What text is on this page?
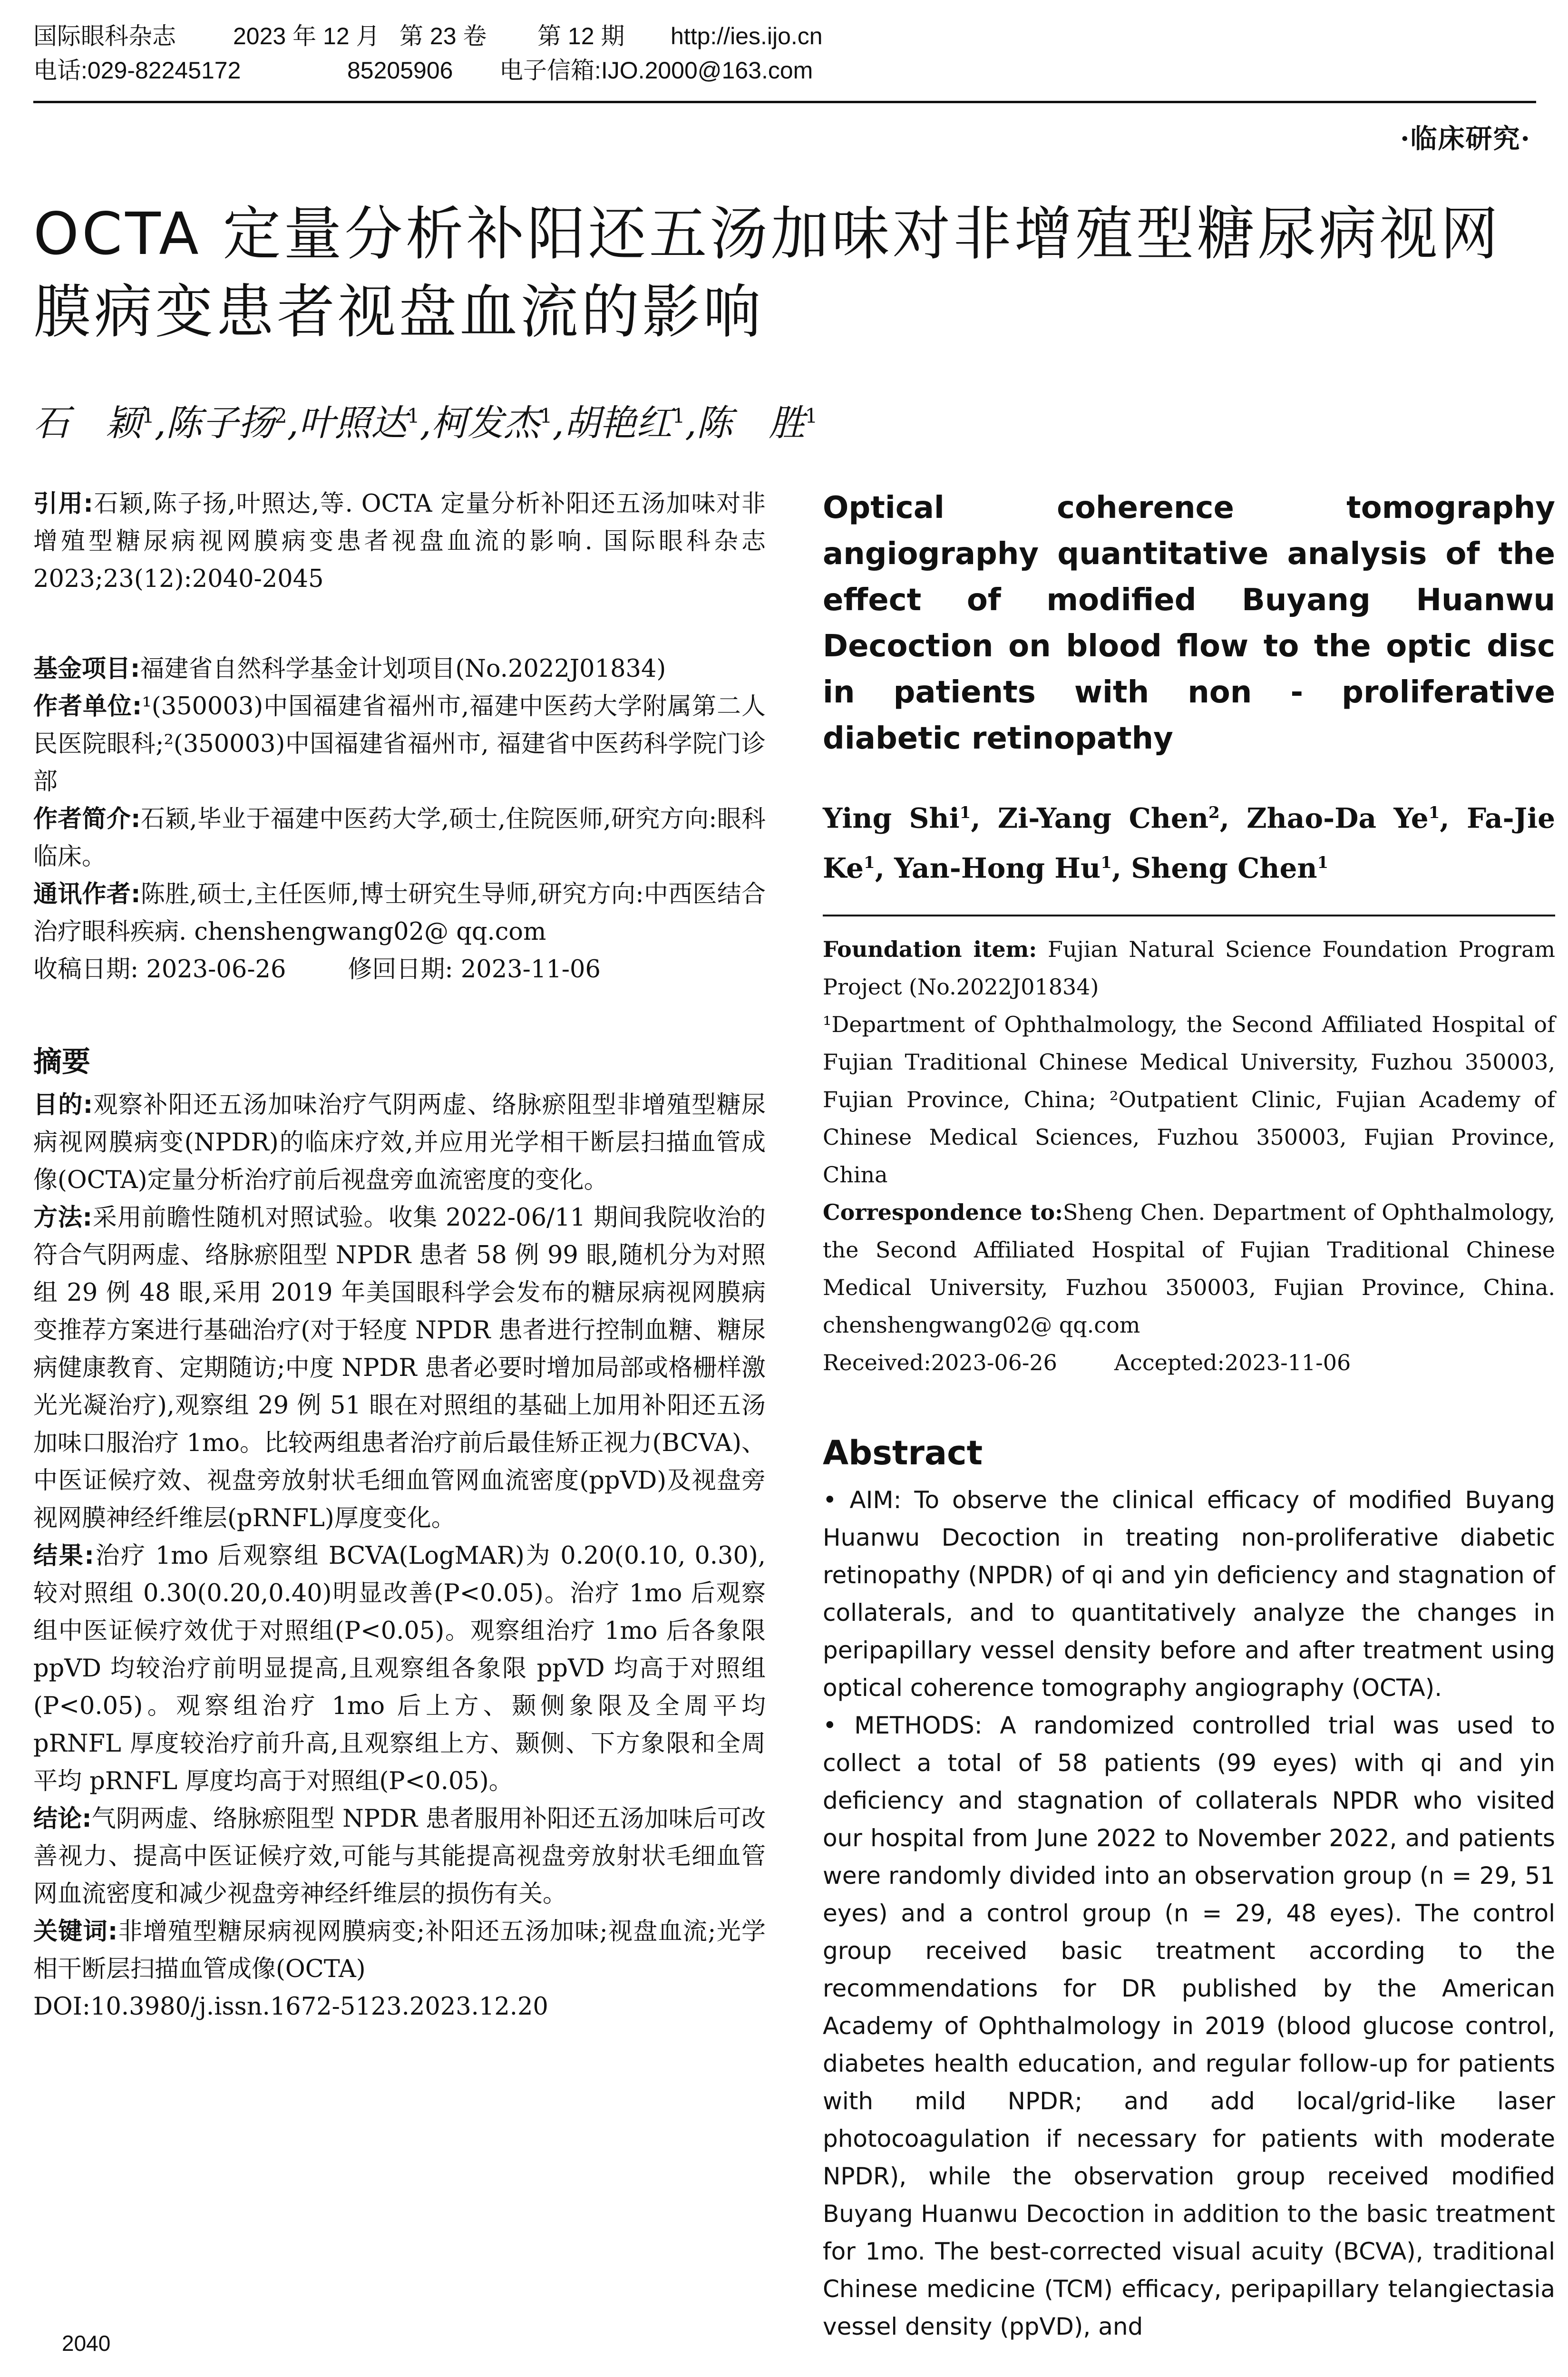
国际眼科杂志 2023 年 12 月 第 23 卷 第 12 期 http://ies.ijo.cn
电话:029-82245172	85205906 电子信箱:IJO.2000@163.com
·临床研究·
OCTA 定量分析补阳还五汤加味对非增殖型糖尿病视网膜病变患者视盘血流的影响
石　颖$^1$,陈子扬$^2$,叶照达$^1$,柯发杰$^1$,胡艳红$^1$,陈　胜$^1$
引用:石颖,陈子扬,叶照达,等. OCTA 定量分析补阳还五汤加味对非增殖型糖尿病视网膜病变患者视盘血流的影响. 国际眼科杂志 2023;23(12):2040-2045
基金项目:福建省自然科学基金计划项目(No.2022J01834)
作者单位:¹(350003)中国福建省福州市,福建中医药大学附属第二人民医院眼科;²(350003)中国福建省福州市, 福建省中医药科学院门诊部
作者简介:石颖,毕业于福建中医药大学,硕士,住院医师,研究方向:眼科临床。
通讯作者:陈胜,硕士,主任医师,博士研究生导师,研究方向:中西医结合治疗眼科疾病. chenshengwang02@ qq.com
收稿日期: 2023-06-26	修回日期: 2023-11-06
摘要
目的:观察补阳还五汤加味治疗气阴两虚、络脉瘀阻型非增殖型糖尿病视网膜病变(NPDR)的临床疗效,并应用光学相干断层扫描血管成像(OCTA)定量分析治疗前后视盘旁血流密度的变化。
方法:采用前瞻性随机对照试验。收集 2022-06/11 期间我院收治的符合气阴两虚、络脉瘀阻型 NPDR 患者 58 例 99 眼,随机分为对照组 29 例 48 眼,采用 2019 年美国眼科学会发布的糖尿病视网膜病变推荐方案进行基础治疗(对于轻度 NPDR 患者进行控制血糖、糖尿病健康教育、定期随访;中度 NPDR 患者必要时增加局部或格栅样激光光凝治疗),观察组 29 例 51 眼在对照组的基础上加用补阳还五汤加味口服治疗 1mo。比较两组患者治疗前后最佳矫正视力(BCVA)、中医证候疗效、视盘旁放射状毛细血管网血流密度(ppVD)及视盘旁视网膜神经纤维层(pRNFL)厚度变化。
结果:治疗 1mo 后观察组 BCVA(LogMAR)为 0.20(0.10, 0.30),较对照组 0.30(0.20,0.40)明显改善(P<0.05)。治疗 1mo 后观察组中医证候疗效优于对照组(P<0.05)。观察组治疗 1mo 后各象限 ppVD 均较治疗前明显提高,且观察组各象限 ppVD 均高于对照组(P<0.05)。观察组治疗 1mo 后上方、颞侧象限及全周平均 pRNFL 厚度较治疗前升高,且观察组上方、颞侧、下方象限和全周平均 pRNFL 厚度均高于对照组(P<0.05)。
结论:气阴两虚、络脉瘀阻型 NPDR 患者服用补阳还五汤加味后可改善视力、提高中医证候疗效,可能与其能提高视盘旁放射状毛细血管网血流密度和减少视盘旁神经纤维层的损伤有关。
关键词:非增殖型糖尿病视网膜病变;补阳还五汤加味;视盘血流;光学相干断层扫描血管成像(OCTA)
DOI:10.3980/j.issn.1672-5123.2023.12.20
Optical coherence tomography angiography quantitative analysis of the effect of modified Buyang Huanwu Decoction on blood flow to the optic disc in patients with non - proliferative diabetic retinopathy
Ying Shi$^1$, Zi-Yang Chen$^2$, Zhao-Da Ye$^1$, Fa-Jie Ke$^1$, Yan-Hong Hu$^1$, Sheng Chen$^1$
Foundation item: Fujian Natural Science Foundation Program Project (No.2022J01834)
¹Department of Ophthalmology, the Second Affiliated Hospital of Fujian Traditional Chinese Medical University, Fuzhou 350003, Fujian Province, China; ²Outpatient Clinic, Fujian Academy of Chinese Medical Sciences, Fuzhou 350003, Fujian Province, China
Correspondence to:Sheng Chen. Department of Ophthalmology, the Second Affiliated Hospital of Fujian Traditional Chinese Medical University, Fuzhou 350003, Fujian Province, China. chenshengwang02@ qq.com
Received:2023-06-26	Accepted:2023-11-06
Abstract
• AIM: To observe the clinical efficacy of modified Buyang Huanwu Decoction in treating non-proliferative diabetic retinopathy (NPDR) of qi and yin deficiency and stagnation of collaterals, and to quantitatively analyze the changes in peripapillary vessel density before and after treatment using optical coherence tomography angiography (OCTA).
• METHODS: A randomized controlled trial was used to collect a total of 58 patients (99 eyes) with qi and yin deficiency and stagnation of collaterals NPDR who visited our hospital from June 2022 to November 2022, and patients were randomly divided into an observation group (n = 29, 51 eyes) and a control group (n = 29, 48 eyes). The control group received basic treatment according to the recommendations for DR published by the American Academy of Ophthalmology in 2019 (blood glucose control, diabetes health education, and regular follow-up for patients with mild NPDR; and add local/grid-like laser photocoagulation if necessary for patients with moderate NPDR), while the observation group received modified Buyang Huanwu Decoction in addition to the basic treatment for 1mo. The best-corrected visual acuity (BCVA), traditional Chinese medicine (TCM) efficacy, peripapillary telangiectasia vessel density (ppVD), and
2040
